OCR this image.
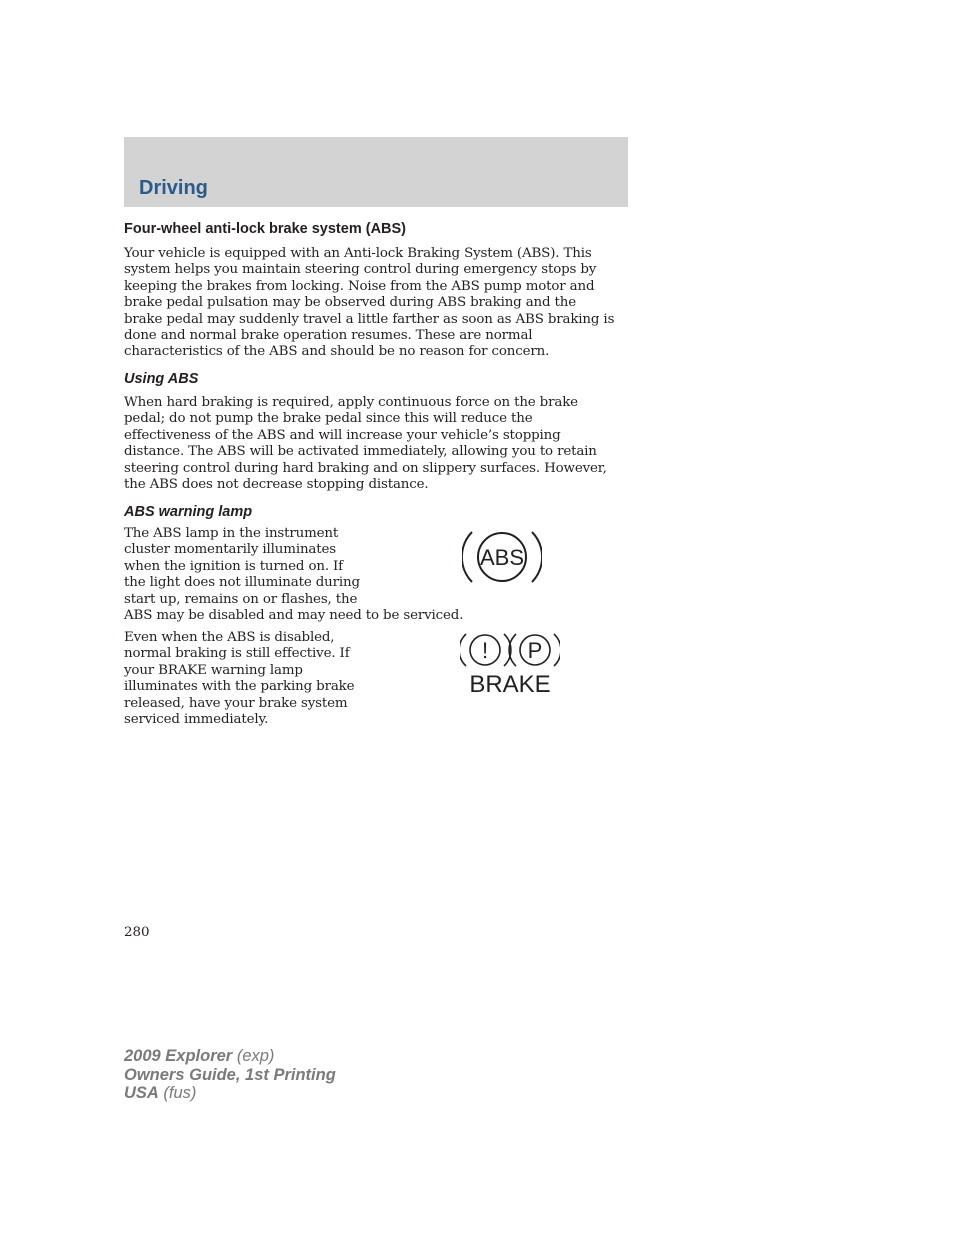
Driving
Four-wheel anti-lock brake system (ABS)

Your vehicle is equipped with an Anti-lock Braking System (ABS). This
system helps you maintain steering control during emergency stops by
keeping the brakes from locking. Noise from the ABS pump motor and
brake pedal pulsation may be observed during ABS braking and the
brake pedal may suddenly travel a little farther as soon as ABS braking is
done and normal brake operation resumes. These are normal
characteristics of the ABS and should be no reason for concern.

Using ABS

When hard braking is required, apply continuous force on the brake
pedal; do not pump the brake pedal since this will reduce the
effectiveness of the ABS and will increase your vehicle’s stopping
distance. The ABS will be activated immediately, allowing you to retain
steering control during hard braking and on slippery surfaces. However,
the ABS does not decrease stopping distance.

ABS warning lamp

The ABS lamp in the instrument
cluster momentarily illuminates
when the ignition is turned on. If
the light does not illuminate during
start up, remains on or flashes, the
ABS may be disabled and may need to be serviced.

ABS

Even when the ABS is disabled,
normal braking is still effective. If
your BRAKE warning lamp
illuminates with the parking brake
released, have your brake system
serviced immediately.

! P
BRAKE
280
2009 Explorer (exp)
Owners Guide, 1st Printing
USA (fus)
